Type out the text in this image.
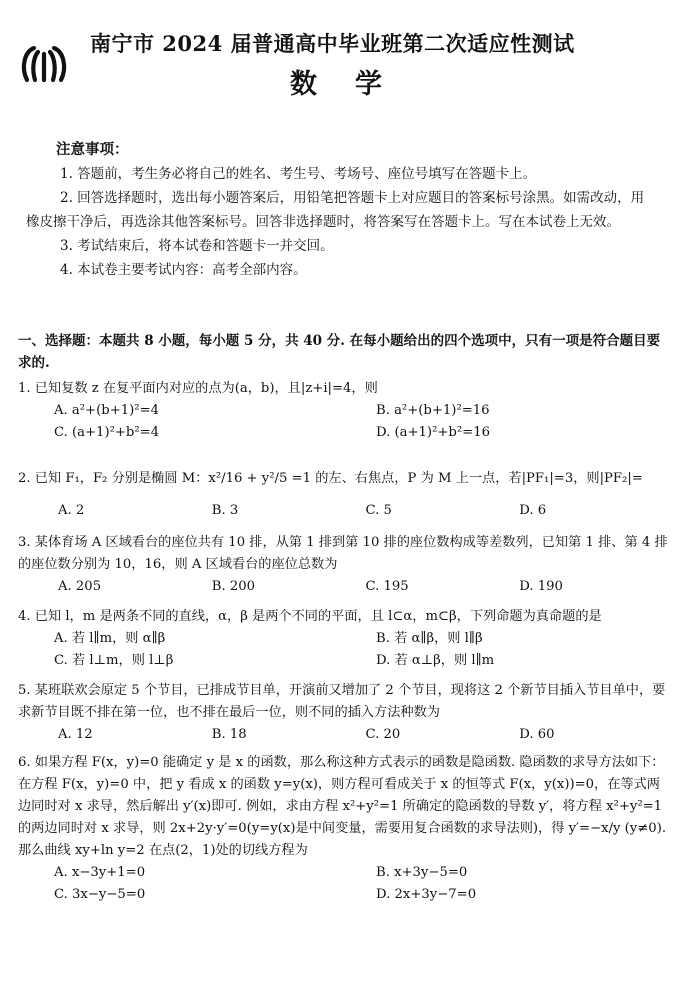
南宁市 2024 届普通高中毕业班第二次适应性测试
数学
注意事项：

1. 答题前，考生务必将自己的姓名、考生号、考场号、座位号填写在答题卡上。

2. 回答选择题时，选出每小题答案后，用铅笔把答题卡上对应题目的答案标号涂黑。如需改动，用橡皮擦干净后，再选涂其他答案标号。回答非选择题时，将答案写在答题卡上。写在本试卷上无效。

3. 考试结束后，将本试卷和答题卡一并交回。

4. 本试卷主要考试内容：高考全部内容。

一、选择题：本题共 8 小题，每小题 5 分，共 40 分. 在每小题给出的四个选项中，只有一项是符合题目要求的.
1. 已知复数 z 在复平面内对应的点为(a，b)，且|z+i|=4，则
A. a²+(b+1)²=4	B. a²+(b+1)²=16
C. (a+1)²+b²=4	D. (a+1)²+b²=16
2. 已知 F₁，F₂ 分别是椭圆 M：x²/16 + y²/5 =1 的左、右焦点，P 为 M 上一点，若|PF₁|=3，则|PF₂|=
A. 2	B. 3	C. 5	D. 6
3. 某体育场 A 区域看台的座位共有 10 排，从第 1 排到第 10 排的座位数构成等差数列，已知第 1 排、第 4 排的座位数分别为 10，16，则 A 区域看台的座位总数为
A. 205	B. 200	C. 195	D. 190
4. 已知 l，m 是两条不同的直线，α，β 是两个不同的平面，且 l⊂α，m⊂β，下列命题为真命题的是
A. 若 l∥m，则 α∥β	B. 若 α∥β，则 l∥β
C. 若 l⊥m，则 l⊥β	D. 若 α⊥β，则 l∥m
5. 某班联欢会原定 5 个节目，已排成节目单，开演前又增加了 2 个节目，现将这 2 个新节目插入节目单中，要求新节目既不排在第一位，也不排在最后一位，则不同的插入方法种数为
A. 12	B. 18	C. 20	D. 60
6. 如果方程 F(x，y)=0 能确定 y 是 x 的函数，那么称这种方式表示的函数是隐函数. 隐函数的求导方法如下：在方程 F(x，y)=0 中，把 y 看成 x 的函数 y=y(x)，则方程可看成关于 x 的恒等式 F(x，y(x))=0，在等式两边同时对 x 求导，然后解出 y′(x)即可. 例如，求由方程 x²+y²=1 所确定的隐函数的导数 y′，将方程 x²+y²=1 的两边同时对 x 求导，则 2x+2y·y′=0(y=y(x)是中间变量，需要用复合函数的求导法则)，得 y′=−x/y (y≠0). 那么曲线 xy+ln y=2 在点(2，1)处的切线方程为
A. x−3y+1=0	B. x+3y−5=0
C. 3x−y−5=0	D. 2x+3y−7=0
